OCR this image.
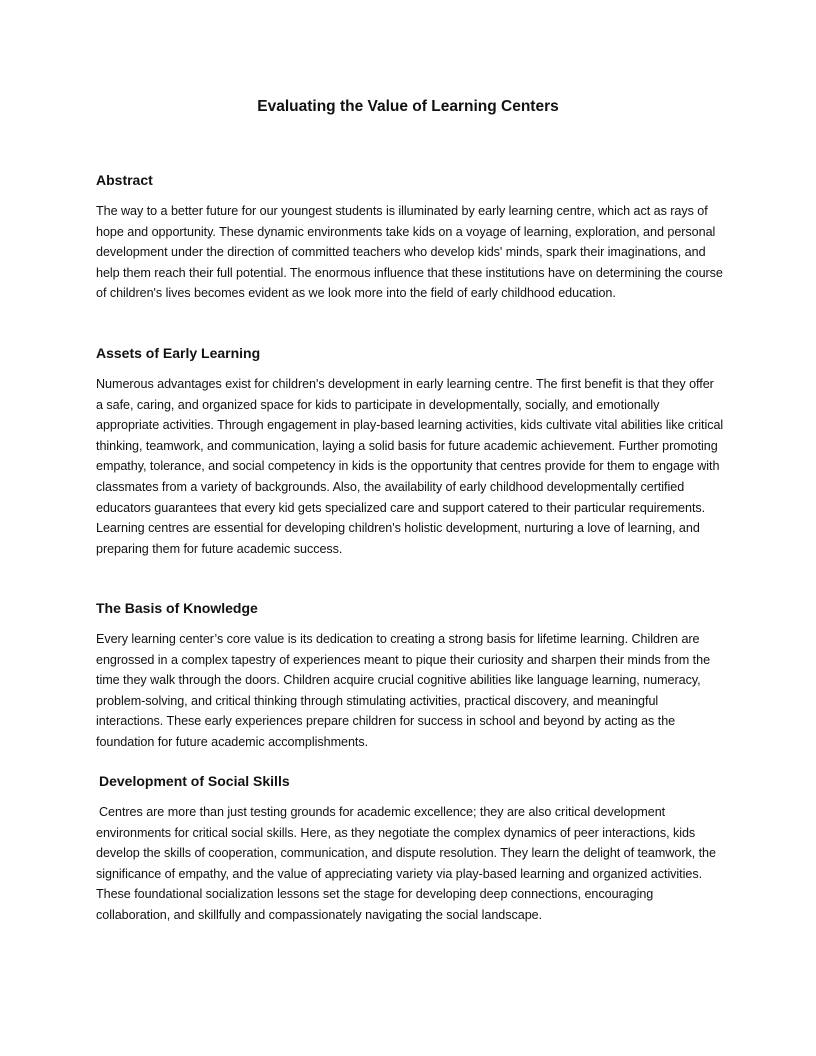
Evaluating the Value of Learning Centers
Abstract

The way to a better future for our youngest students is illuminated by early learning centre, which act as rays of hope and opportunity. These dynamic environments take kids on a voyage of learning, exploration, and personal development under the direction of committed teachers who develop kids' minds, spark their imaginations, and help them reach their full potential. The enormous influence that these institutions have on determining the course of children's lives becomes evident as we look more into the field of early childhood education.

Assets of Early Learning

Numerous advantages exist for children's development in early learning centre. The first benefit is that they offer a safe, caring, and organized space for kids to participate in developmentally, socially, and emotionally appropriate activities. Through engagement in play-based learning activities, kids cultivate vital abilities like critical thinking, teamwork, and communication, laying a solid basis for future academic achievement. Further promoting empathy, tolerance, and social competency in kids is the opportunity that centres provide for them to engage with classmates from a variety of backgrounds. Also, the availability of early childhood developmentally certified educators guarantees that every kid gets specialized care and support catered to their particular requirements. Learning centres are essential for developing children's holistic development, nurturing a love of learning, and preparing them for future academic success.

The Basis of Knowledge

Every learning center’s core value is its dedication to creating a strong basis for lifetime learning. Children are engrossed in a complex tapestry of experiences meant to pique their curiosity and sharpen their minds from the time they walk through the doors. Children acquire crucial cognitive abilities like language learning, numeracy, problem-solving, and critical thinking through stimulating activities, practical discovery, and meaningful interactions. These early experiences prepare children for success in school and beyond by acting as the foundation for future academic accomplishments.

Development of Social Skills

Centres are more than just testing grounds for academic excellence; they are also critical development environments for critical social skills. Here, as they negotiate the complex dynamics of peer interactions, kids develop the skills of cooperation, communication, and dispute resolution. They learn the delight of teamwork, the significance of empathy, and the value of appreciating variety via play-based learning and organized activities. These foundational socialization lessons set the stage for developing deep connections, encouraging collaboration, and skillfully and compassionately navigating the social landscape.
